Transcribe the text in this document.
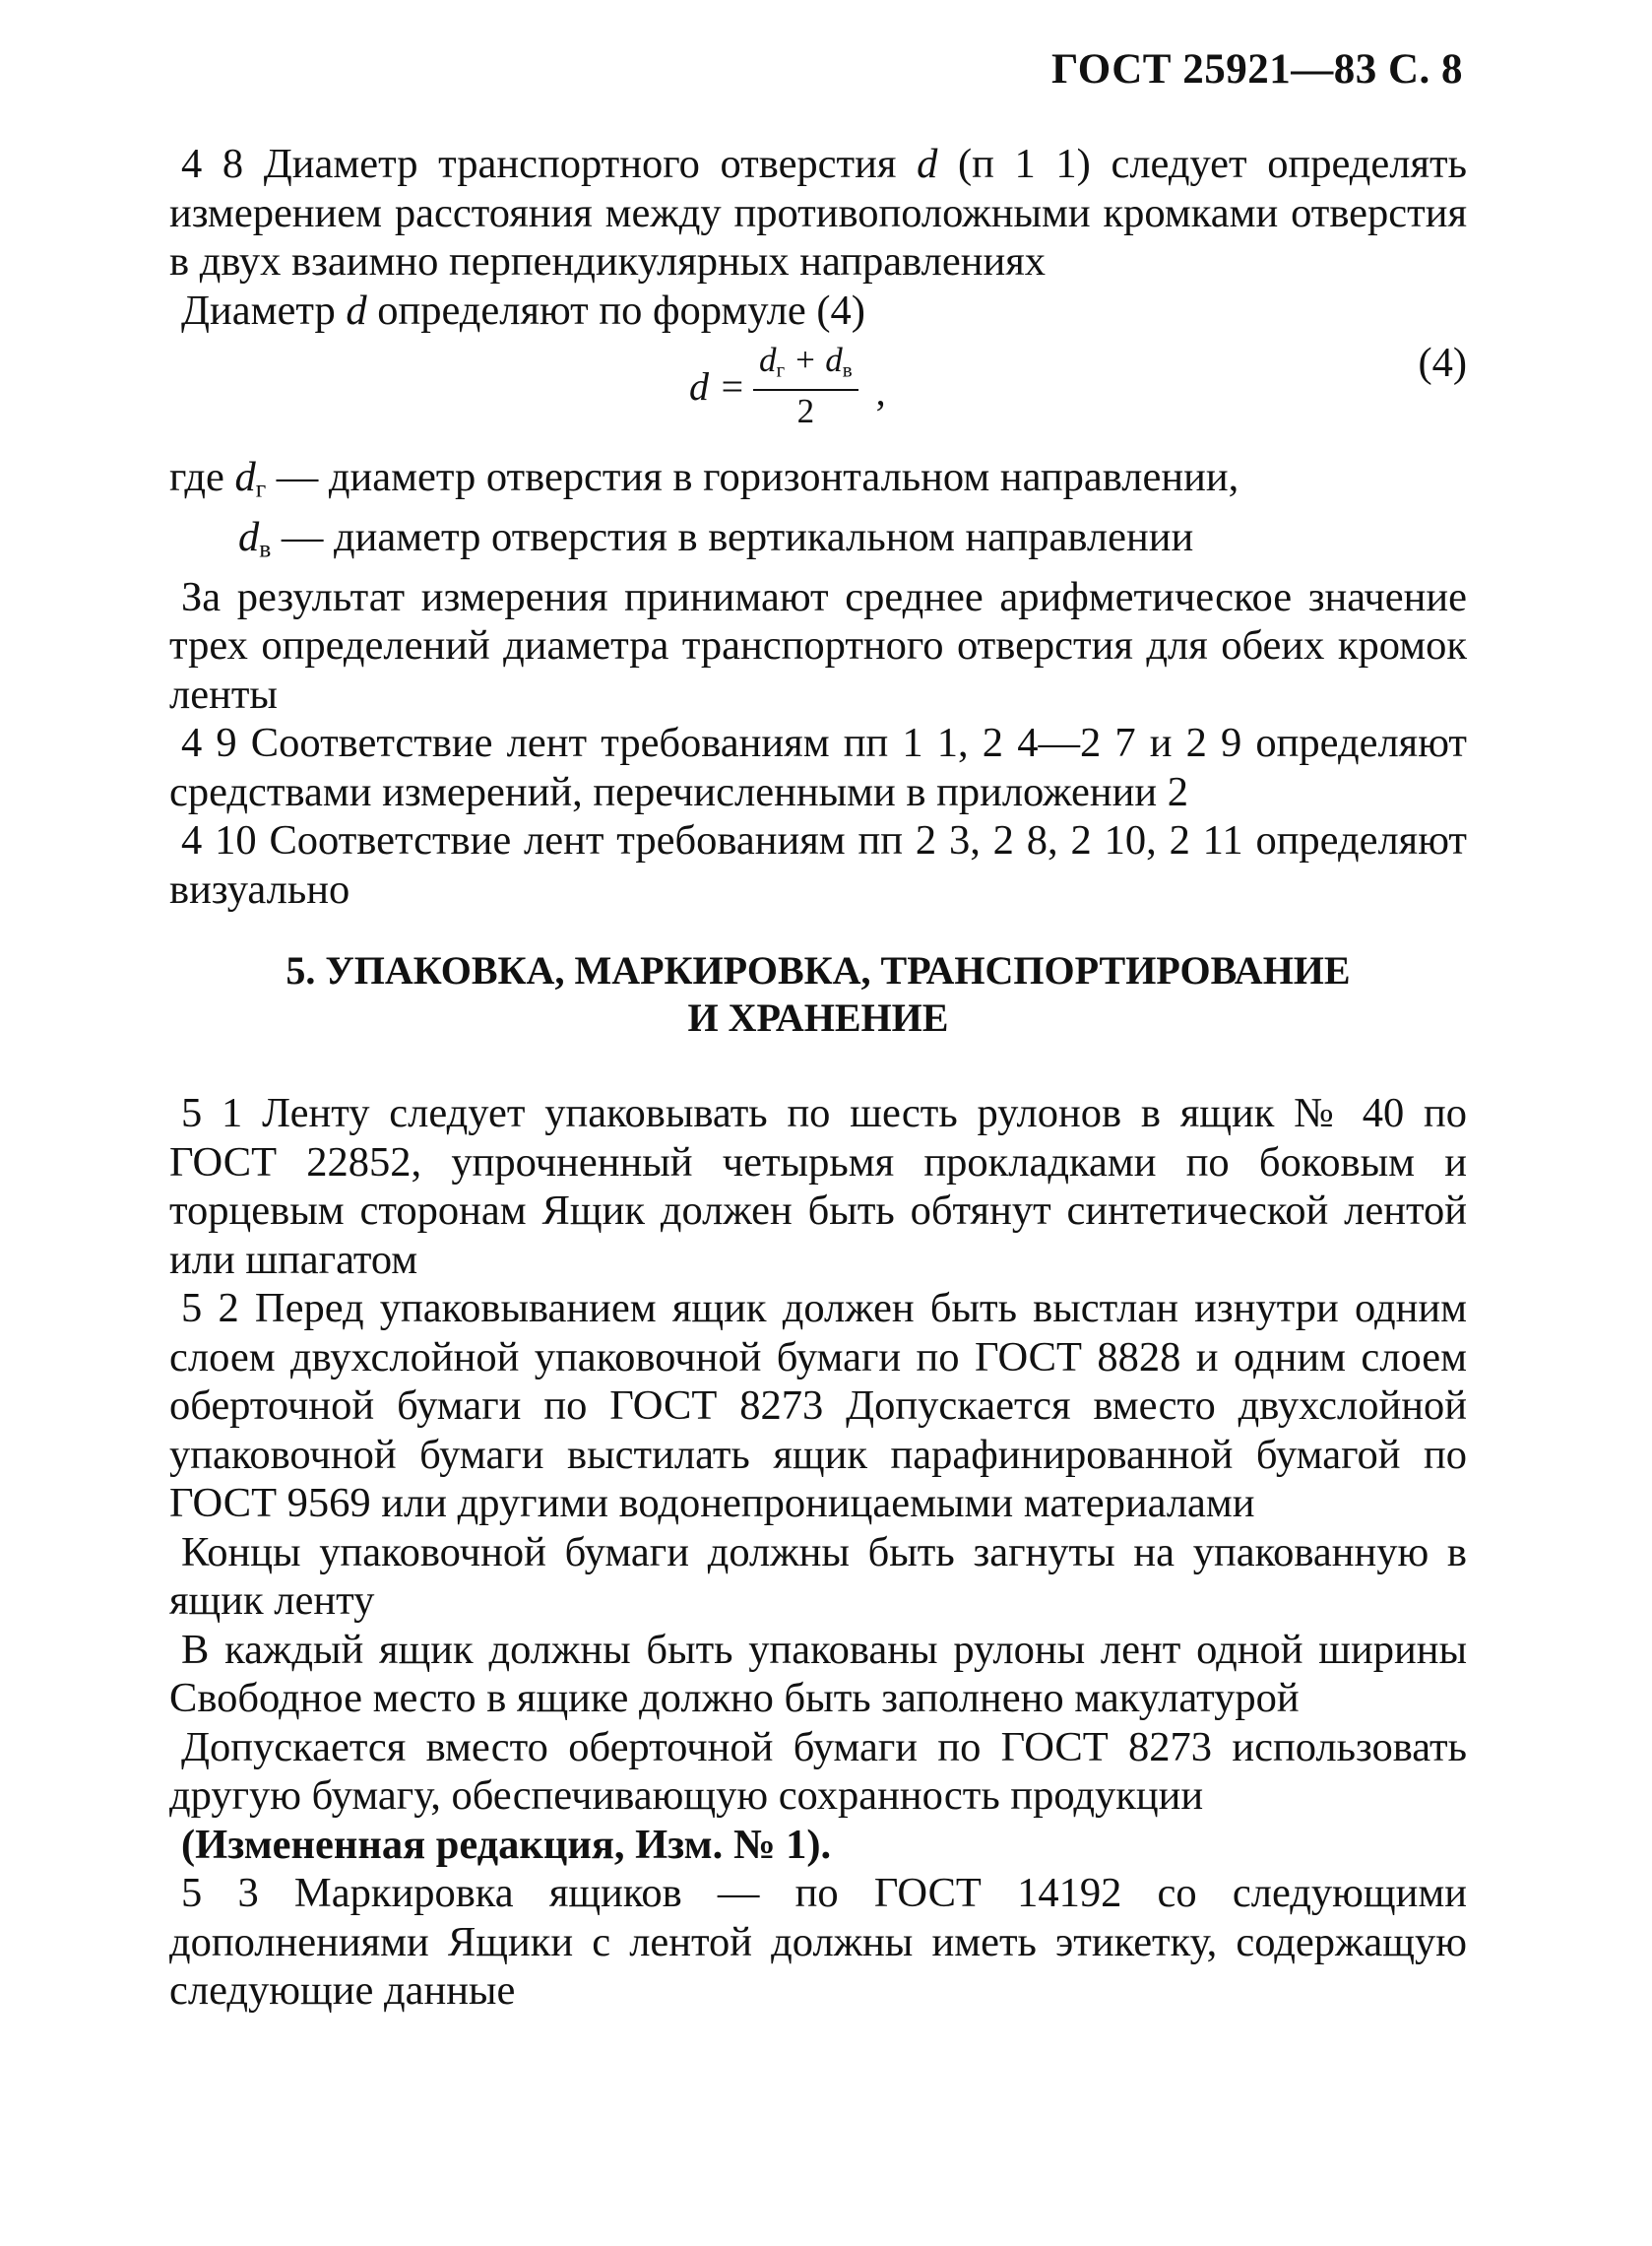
ГОСТ 25921—83 С. 8

4 8 Диаметр транспортного отверстия d (п 1 1) следует определять измерением расстояния между противоположными кромками отверстия в двух взаимно перпендикулярных направлениях

Диаметр d определяют по формуле (4)

$d = \frac{d_г + d_в}{2}$ ,
(4)

где $d_г$ — диаметр отверстия в горизонтальном направлении,

$d_в$ — диаметр отверстия в вертикальном направлении

За результат измерения принимают среднее арифметическое значение трех определений диаметра транспортного отверстия для обеих кромок ленты

4 9 Соответствие лент требованиям пп 1 1, 2 4—2 7 и 2 9 определяют средствами измерений, перечисленными в приложении 2

4 10 Соответствие лент требованиям пп 2 3, 2 8, 2 10, 2 11 определяют визуально

5. УПАКОВКА, МАРКИРОВКА, ТРАНСПОРТИРОВАНИЕ
И ХРАНЕНИЕ

5 1 Ленту следует упаковывать по шесть рулонов в ящик № 40 по ГОСТ 22852, упрочненный четырьмя прокладками по боковым и торцевым сторонам Ящик должен быть обтянут синтетической лентой или шпагатом

5 2 Перед упаковыванием ящик должен быть выстлан изнутри одним слоем двухслойной упаковочной бумаги по ГОСТ 8828 и одним слоем оберточной бумаги по ГОСТ 8273 Допускается вместо двухслойной упаковочной бумаги выстилать ящик парафинированной бумагой по ГОСТ 9569 или другими водонепроницаемыми материалами

Концы упаковочной бумаги должны быть загнуты на упакованную в ящик ленту

В каждый ящик должны быть упакованы рулоны лент одной ширины Свободное место в ящике должно быть заполнено макулатурой

Допускается вместо оберточной бумаги по ГОСТ 8273 использовать другую бумагу, обеспечивающую сохранность продукции

(Измененная редакция, Изм. № 1).

5 3 Маркировка ящиков — по ГОСТ 14192 со следующими дополнениями Ящики с лентой должны иметь этикетку, содержащую следующие данные
